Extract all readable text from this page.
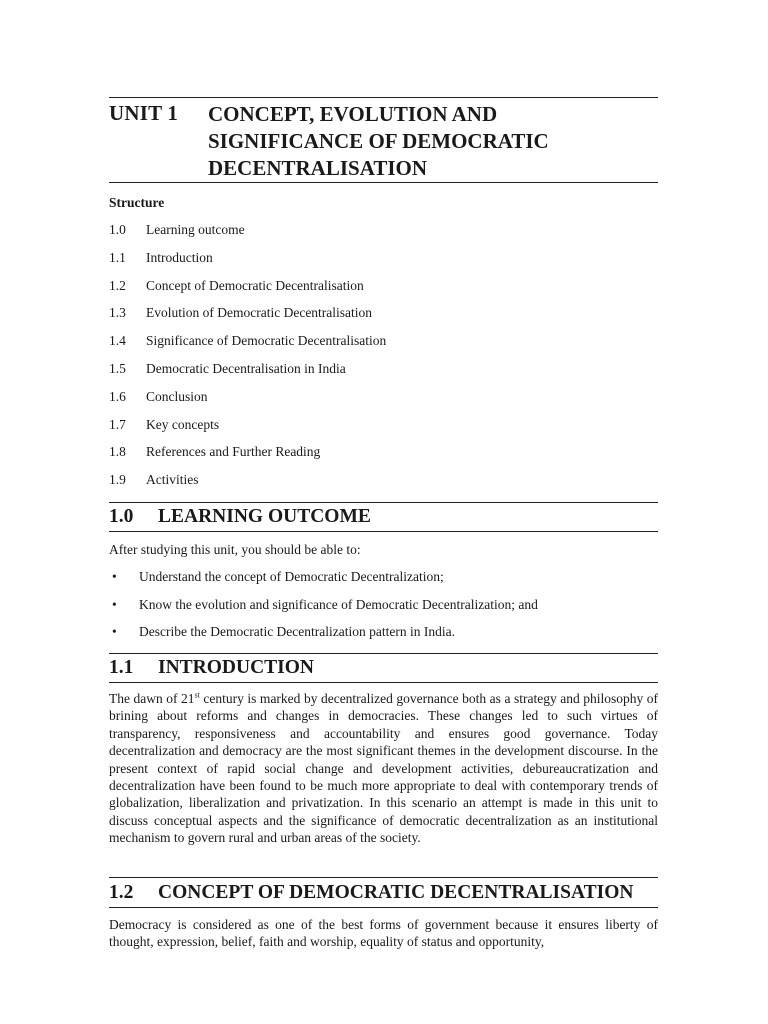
UNIT 1 CONCEPT, EVOLUTION AND
SIGNIFICANCE OF DEMOCRATIC
DECENTRALISATION
Structure
1.0 Learning outcome
1.1 Introduction
1.2 Concept of Democratic Decentralisation
1.3 Evolution of Democratic Decentralisation
1.4 Significance of Democratic Decentralisation
1.5 Democratic Decentralisation in India
1.6 Conclusion
1.7 Key concepts
1.8 References and Further Reading
1.9 Activities
1.0 LEARNING OUTCOME

After studying this unit, you should be able to:

• Understand the concept of Democratic Decentralization;
• Know the evolution and significance of Democratic Decentralization; and
• Describe the Democratic Decentralization pattern in India.
1.1 INTRODUCTION

The dawn of 21st century is marked by decentralized governance both as a strategy and philosophy of brining about reforms and changes in democracies. These changes led to such virtues of transparency, responsiveness and accountability and ensures good governance. Today decentralization and democracy are the most significant themes in the development discourse. In the present context of rapid social change and development activities, debureaucratization and decentralization have been found to be much more appropriate to deal with contemporary trends of globalization, liberalization and privatization. In this scenario an attempt is made in this unit to discuss conceptual aspects and the significance of democratic decentralization as an institutional mechanism to govern rural and urban areas of the society.

1.2 CONCEPT OF DEMOCRATIC DECENTRALISATION

Democracy is considered as one of the best forms of government because it ensures liberty of thought, expression, belief, faith and worship, equality of status and opportunity,
